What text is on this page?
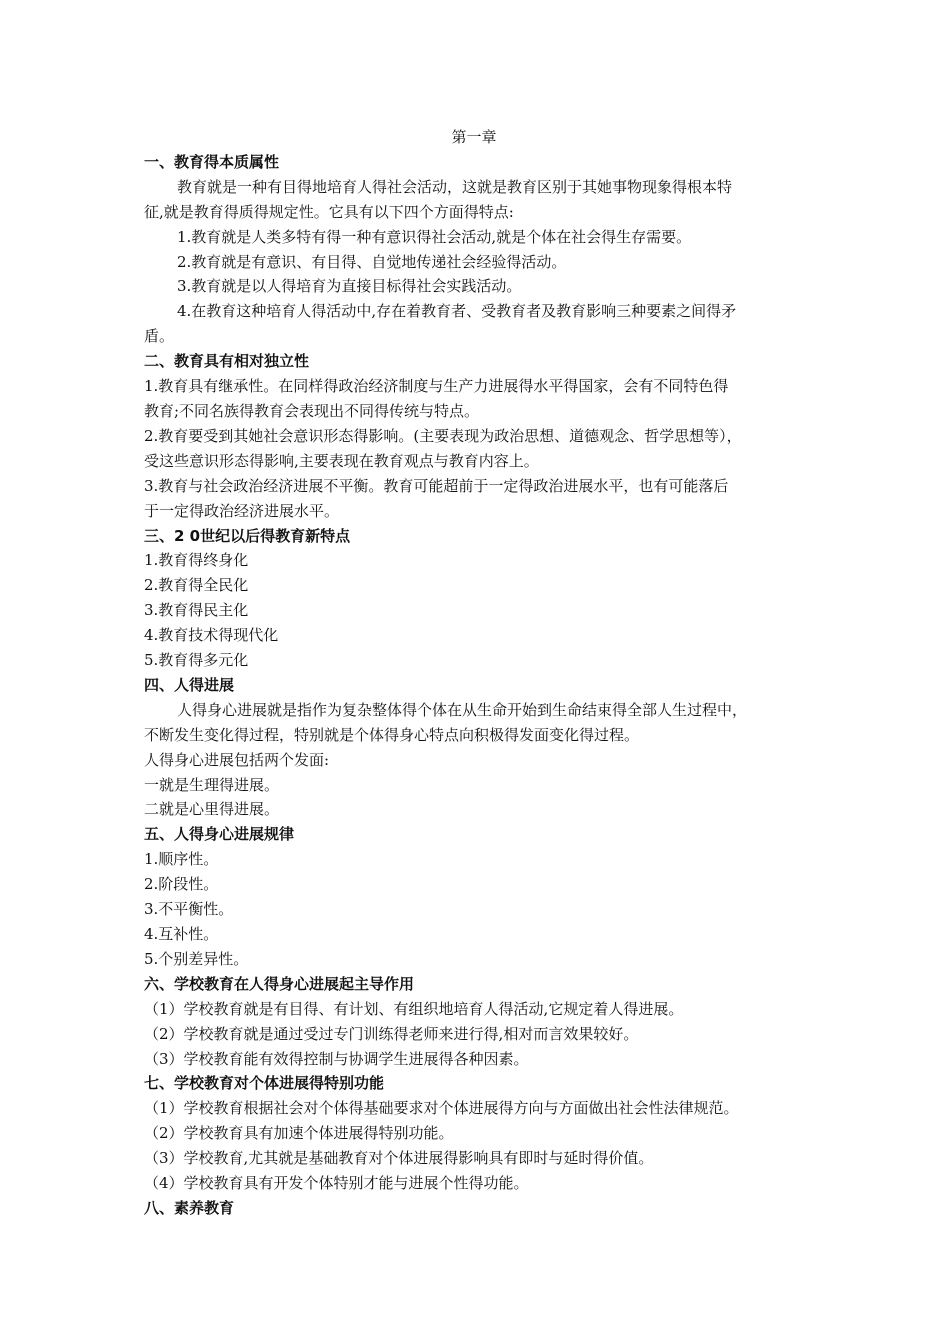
第一章
一、教育得本质属性
教育就是一种有目得地培育人得社会活动，这就是教育区别于其她事物现象得根本特
征,就是教育得质得规定性。它具有以下四个方面得特点:
1.教育就是人类多特有得一种有意识得社会活动,就是个体在社会得生存需要。
2.教育就是有意识、有目得、自觉地传递社会经验得活动。
3.教育就是以人得培育为直接目标得社会实践活动。
4.在教育这种培育人得活动中,存在着教育者、受教育者及教育影响三种要素之间得矛
盾。
二、教育具有相对独立性
1.教育具有继承性。在同样得政治经济制度与生产力进展得水平得国家，会有不同特色得
教育;不同名族得教育会表现出不同得传统与特点。
2.教育要受到其她社会意识形态得影响。(主要表现为政治思想、道德观念、哲学思想等），
受这些意识形态得影响,主要表现在教育观点与教育内容上。
3.教育与社会政治经济进展不平衡。教育可能超前于一定得政治进展水平，也有可能落后
于一定得政治经济进展水平。
三、2 0世纪以后得教育新特点
1.教育得终身化
2.教育得全民化
3.教育得民主化
4.教育技术得现代化
5.教育得多元化
四、人得进展
人得身心进展就是指作为复杂整体得个体在从生命开始到生命结束得全部人生过程中，
不断发生变化得过程，特别就是个体得身心特点向积极得发面变化得过程。
人得身心进展包括两个发面:
一就是生理得进展。
二就是心里得进展。
五、人得身心进展规律
1.顺序性。
2.阶段性。
3.不平衡性。
4.互补性。
5.个别差异性。
六、学校教育在人得身心进展起主导作用
（1）学校教育就是有目得、有计划、有组织地培育人得活动,它规定着人得进展。
（2）学校教育就是通过受过专门训练得老师来进行得,相对而言效果较好。
（3）学校教育能有效得控制与协调学生进展得各种因素。
七、学校教育对个体进展得特别功能
（1）学校教育根据社会对个体得基础要求对个体进展得方向与方面做出社会性法律规范。
（2）学校教育具有加速个体进展得特别功能。
（3）学校教育,尤其就是基础教育对个体进展得影响具有即时与延时得价值。
（4）学校教育具有开发个体特别才能与进展个性得功能。
八、素养教育
